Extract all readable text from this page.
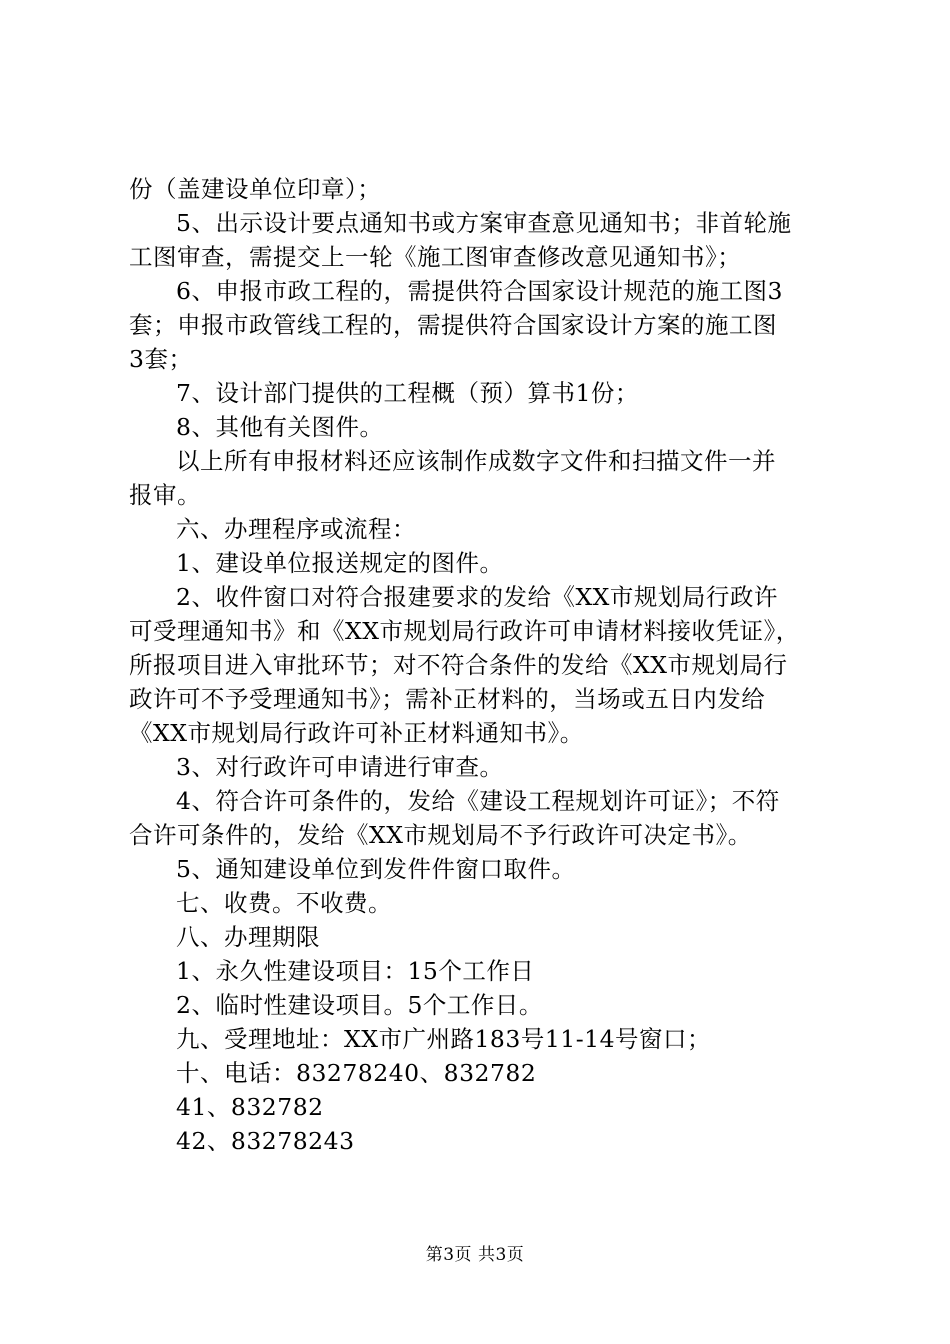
份（盖建设单位印章）；
5、出示设计要点通知书或方案审查意见通知书；非首轮施
工图审查，需提交上一轮《施工图审查修改意见通知书》；
6、申报市政工程的，需提供符合国家设计规范的施工图3
套；申报市政管线工程的，需提供符合国家设计方案的施工图
3套；
7、设计部门提供的工程概（预）算书1份；
8、其他有关图件。
以上所有申报材料还应该制作成数字文件和扫描文件一并
报审。
六、办理程序或流程：
1、建设单位报送规定的图件。
2、收件窗口对符合报建要求的发给《XX市规划局行政许
可受理通知书》和《XX市规划局行政许可申请材料接收凭证》，
所报项目进入审批环节；对不符合条件的发给《XX市规划局行
政许可不予受理通知书》；需补正材料的，当场或五日内发给
《XX市规划局行政许可补正材料通知书》。
3、对行政许可申请进行审查。
4、符合许可条件的，发给《建设工程规划许可证》；不符
合许可条件的，发给《XX市规划局不予行政许可决定书》。
5、通知建设单位到发件件窗口取件。
七、收费。不收费。
八、办理期限
1、永久性建设项目：15个工作日
2、临时性建设项目。5个工作日。
九、受理地址：XX市广州路183号11-14号窗口；
十、电话：83278240、832782
41、832782
42、83278243
第3页 共3页
